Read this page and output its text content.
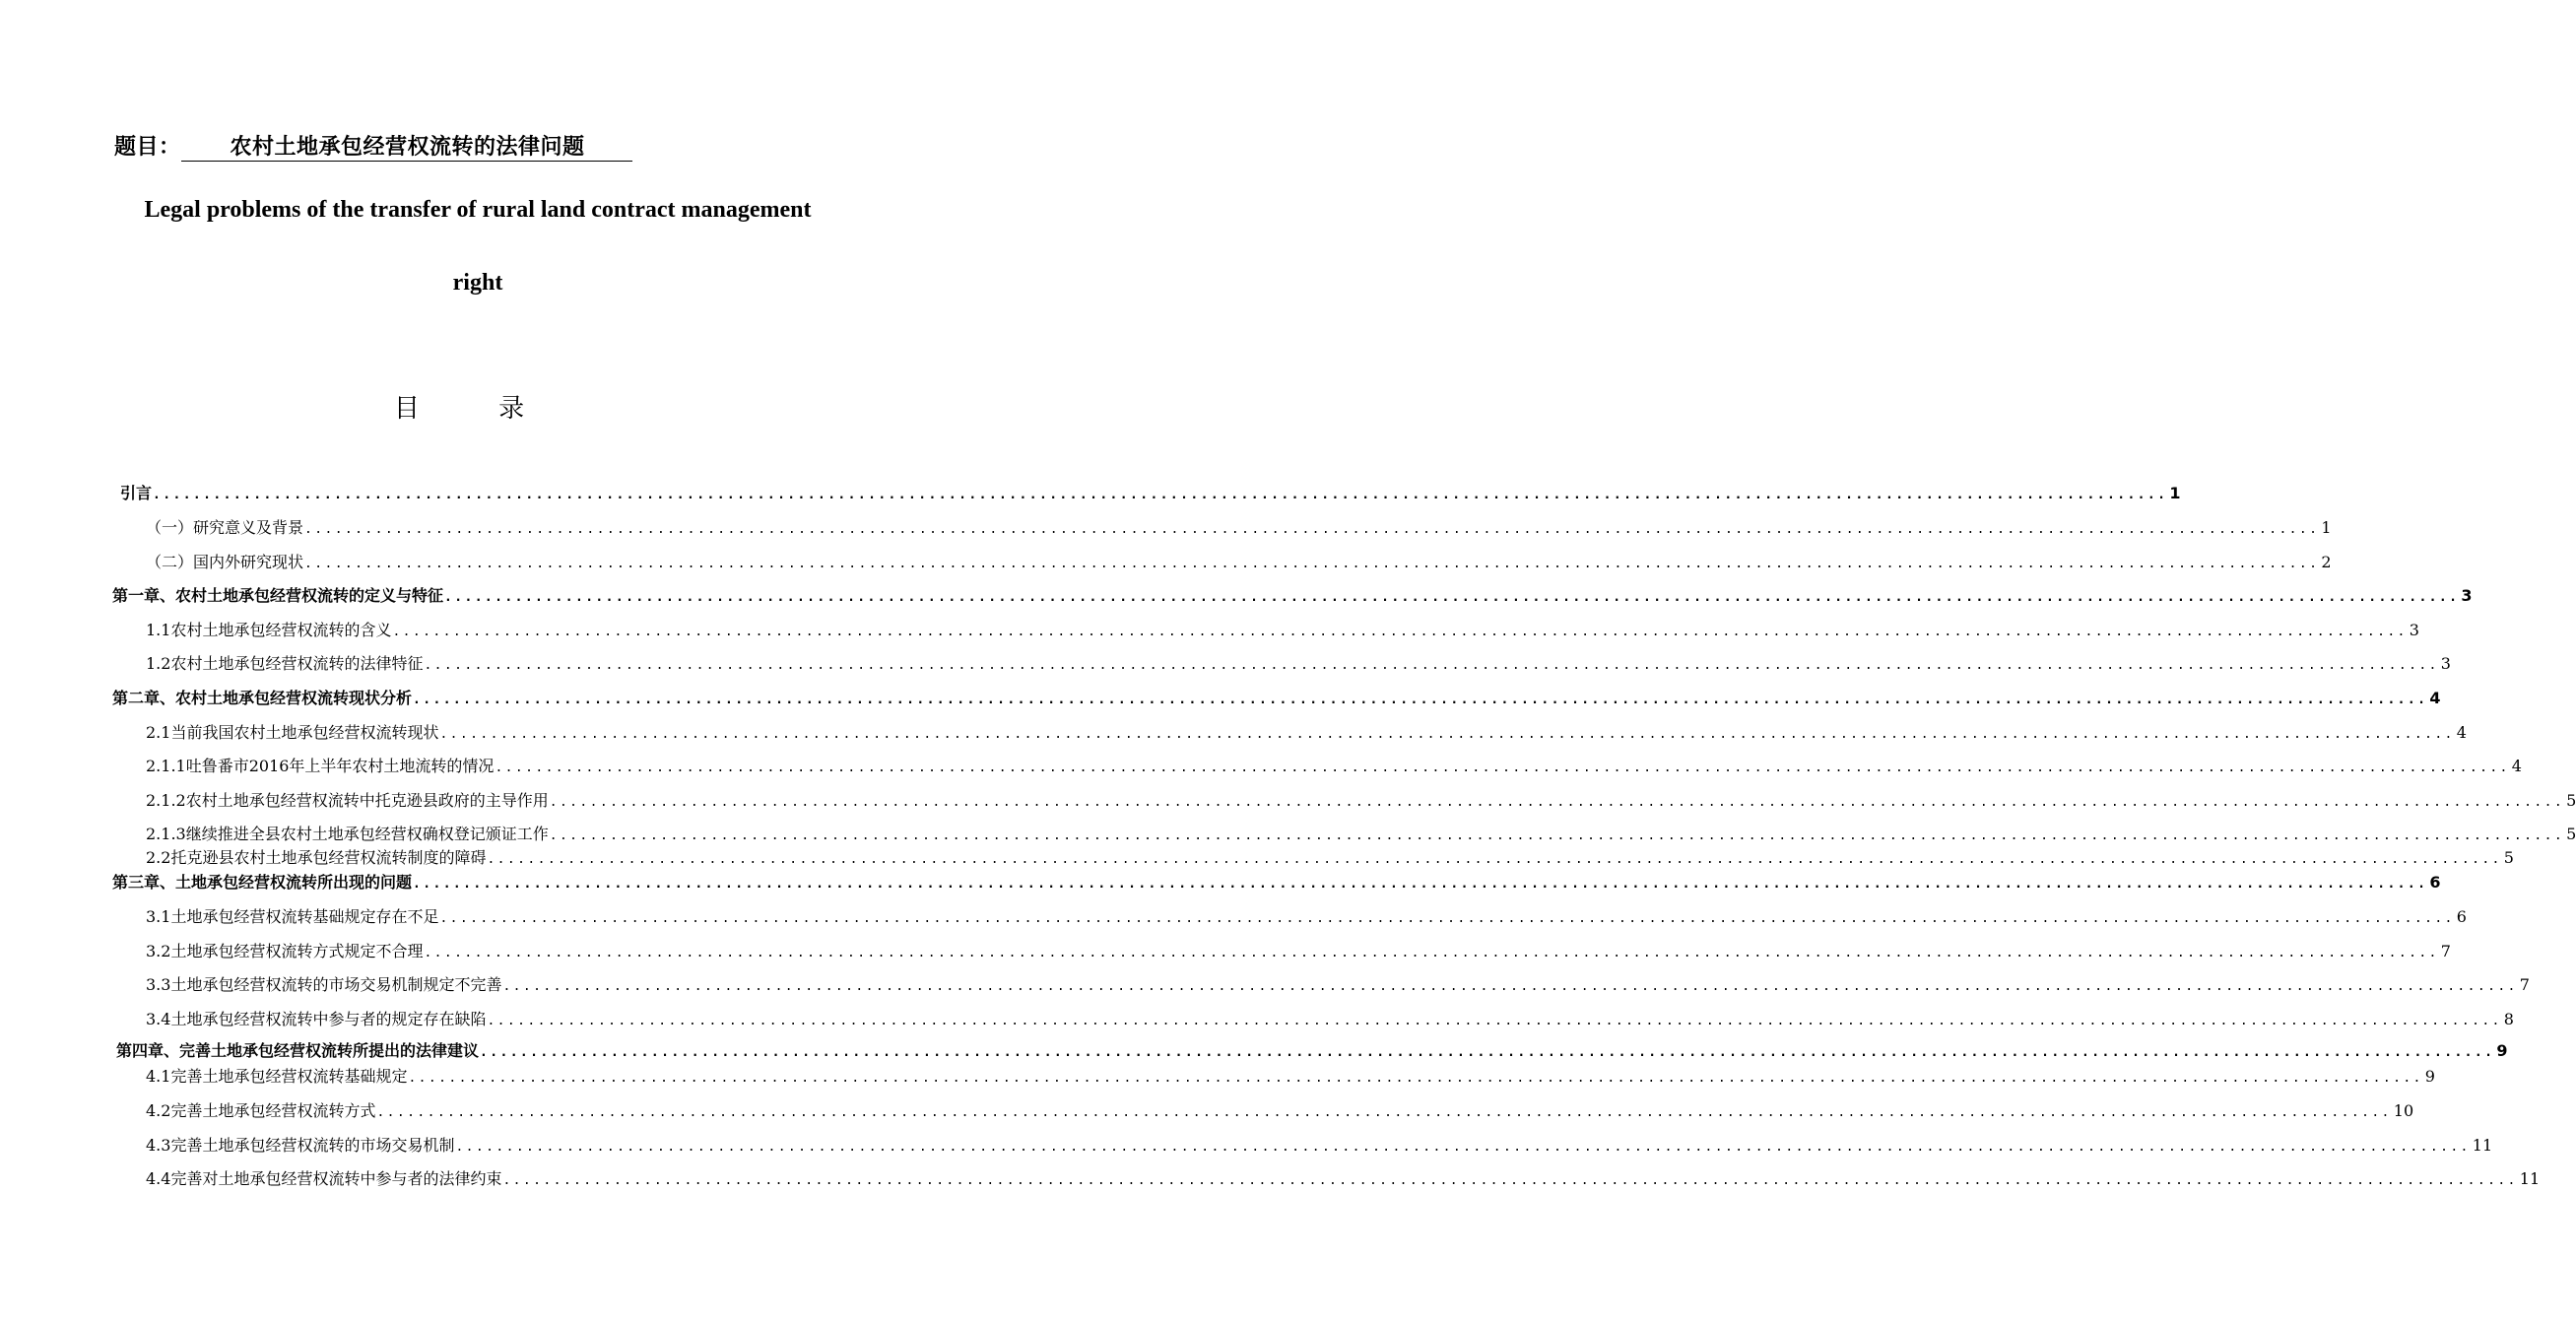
题目： 农村土地承包经营权流转的法律问题
Legal problems of the transfer of rural land contract management
right
目 录
引言 ........................................................................................................................................................................................................ 1
（一）研究意义及背景 ........................................................................................................................................................................................................ 1
（二）国内外研究现状 ........................................................................................................................................................................................................ 2
第一章、农村土地承包经营权流转的定义与特征 ........................................................................................................................................................................................................ 3
1.1农村土地承包经营权流转的含义 ........................................................................................................................................................................................................ 3
1.2农村土地承包经营权流转的法律特征 ........................................................................................................................................................................................................ 3
第二章、农村土地承包经营权流转现状分析 ........................................................................................................................................................................................................ 4
2.1当前我国农村土地承包经营权流转现状 ........................................................................................................................................................................................................ 4
2.1.1吐鲁番市2016年上半年农村土地流转的情况 ........................................................................................................................................................................................................ 4
2.1.2农村土地承包经营权流转中托克逊县政府的主导作用 ........................................................................................................................................................................................................ 5
2.1.3继续推进全县农村土地承包经营权确权登记颁证工作 ........................................................................................................................................................................................................ 5
2.2托克逊县农村土地承包经营权流转制度的障碍 ........................................................................................................................................................................................................ 5
第三章、土地承包经营权流转所出现的问题 ........................................................................................................................................................................................................ 6
3.1土地承包经营权流转基础规定存在不足 ........................................................................................................................................................................................................ 6
3.2土地承包经营权流转方式规定不合理 ........................................................................................................................................................................................................ 7
3.3土地承包经营权流转的市场交易机制规定不完善 ........................................................................................................................................................................................................ 7
3.4土地承包经营权流转中参与者的规定存在缺陷 ........................................................................................................................................................................................................ 8
第四章、完善土地承包经营权流转所提出的法律建议 ........................................................................................................................................................................................................ 9
4.1完善土地承包经营权流转基础规定 ........................................................................................................................................................................................................ 9
4.2完善土地承包经营权流转方式 ........................................................................................................................................................................................................ 10
4.3完善土地承包经营权流转的市场交易机制 ........................................................................................................................................................................................................ 11
4.4完善对土地承包经营权流转中参与者的法律约束 ........................................................................................................................................................................................................ 11
